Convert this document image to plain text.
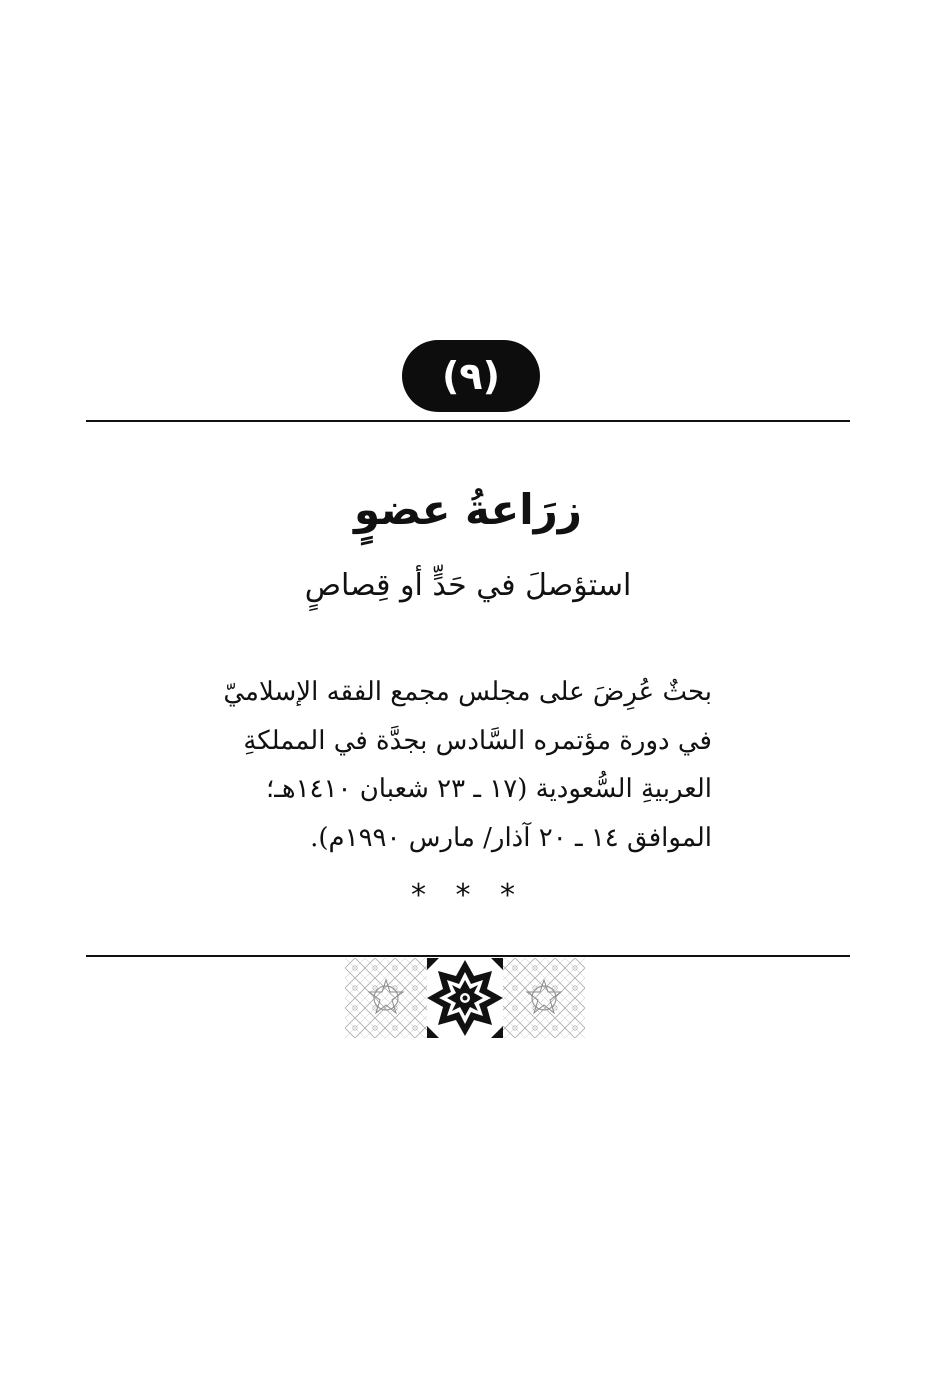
(٩)
زرَاعةُ عضوٍ
استؤصلَ في حَدٍّ أو قِصاصٍ
بحثٌ عُرِضَ على مجلس مجمع الفقه الإسلاميّ
في دورة مؤتمره السَّادس بجدَّة في المملكةِ
العربيةِ السُّعودية (١٧ ـ ٢٣ شعبان ١٤١٠هـ؛
الموافق ١٤ ـ ٢٠ آذار/ مارس ١٩٩٠م).
* * *
